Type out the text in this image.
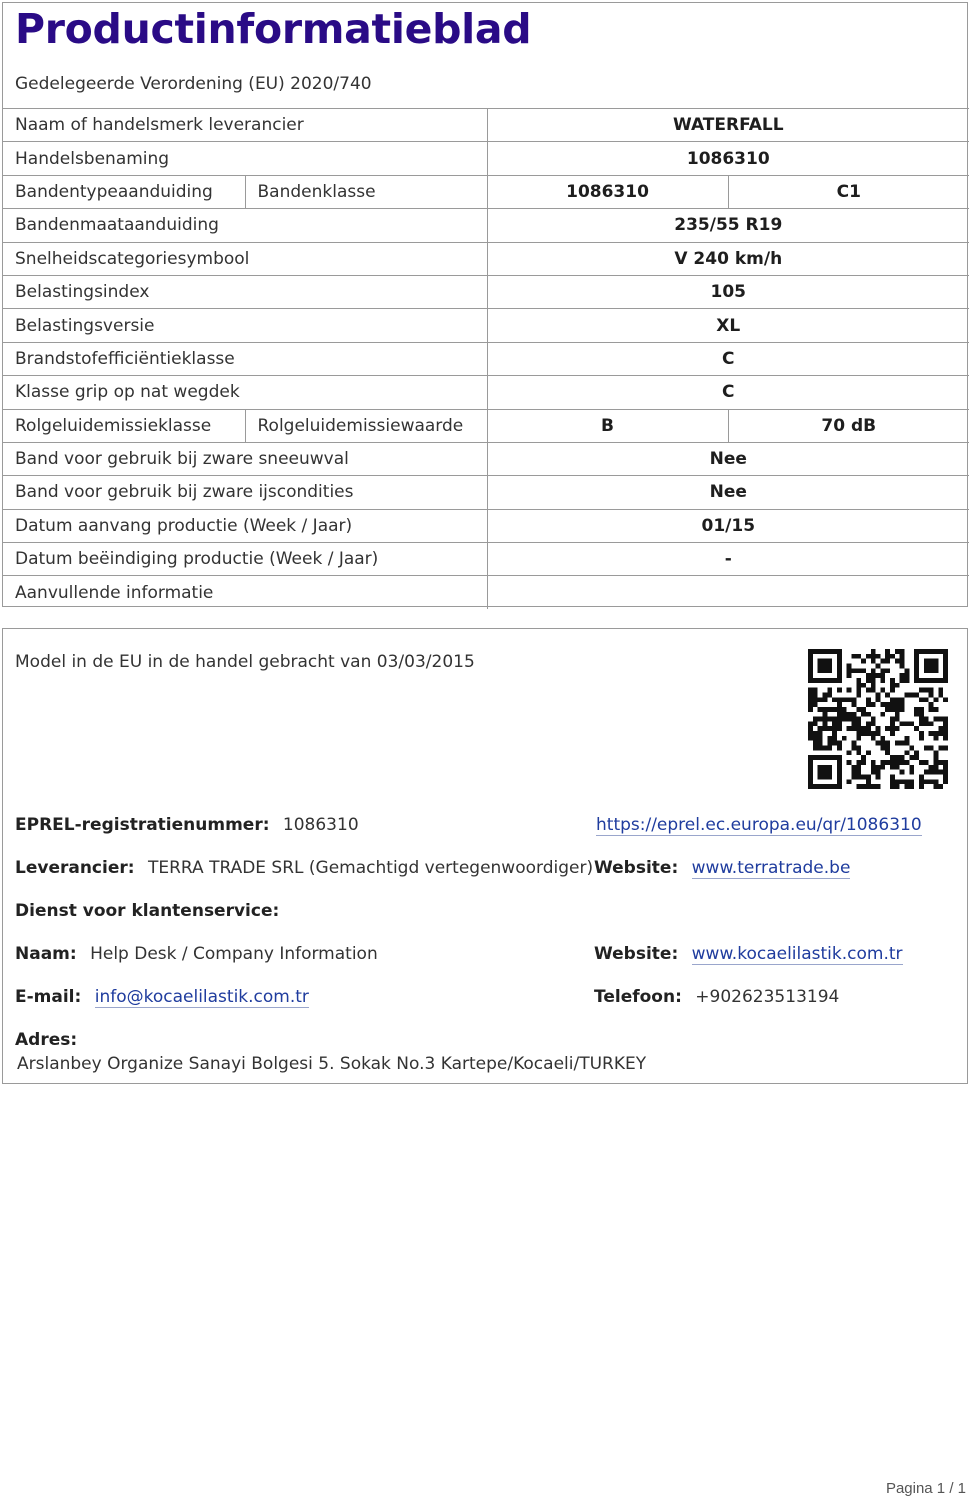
Productinformatieblad
Gedelegeerde Verordening (EU) 2020/740
Naam of handelsmerk leverancier		WATERFALL	
Handelsbenaming		1086310	
Bandentypeaanduiding	Bandenklasse	1086310	C1
Bandenmaataanduiding		235/55 R19	
Snelheidscategoriesymbool		V 240 km/h	
Belastingsindex		105	
Belastingsversie		XL	
Brandstofefficiëntieklasse		C	
Klasse grip op nat wegdek		C	
Rolgeluidemissieklasse	Rolgeluidemissiewaarde	B	70 dB
Band voor gebruik bij zware sneeuwval		Nee	
Band voor gebruik bij zware ijscondities		Nee	
Datum aanvang productie (Week / Jaar)		01/15	
Datum beëindiging productie (Week / Jaar)		-	
Aanvullende informatie			
Model in de EU in de handel gebracht van 03/03/2015
EPREL-registratienummer: 1086310	https://eprel.ec.europa.eu/qr/1086310
Leverancier: TERRA TRADE SRL (Gemachtigd vertegenwoordiger) Website: www.terratrade.be
Dienst voor klantenservice:
Naam: Help Desk / Company Information	Website: www.kocaelilastik.com.tr
E-mail: info@kocaelilastik.com.tr	Telefoon: +902623513194
Adres:
Arslanbey Organize Sanayi Bolgesi 5. Sokak No.3 Kartepe/Kocaeli/TURKEY
Pagina 1 / 1
